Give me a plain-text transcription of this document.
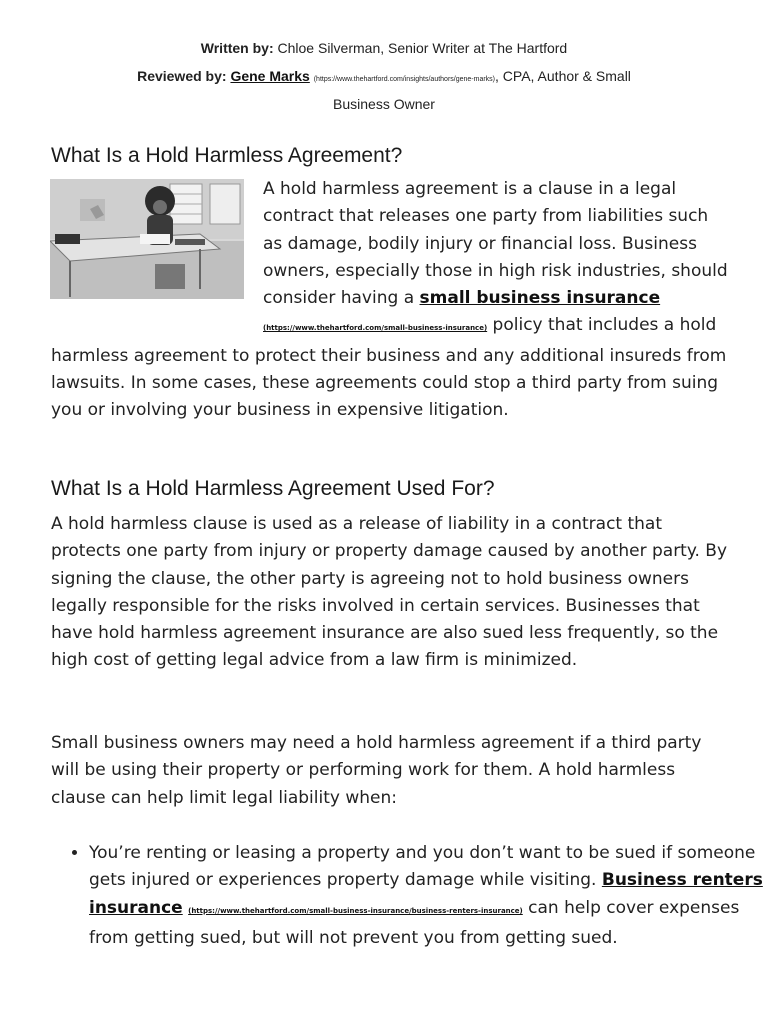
Written by: Chloe Silverman, Senior Writer at The Hartford
Reviewed by: Gene Marks (https://www.thehartford.com/insights/authors/gene-marks), CPA, Author & Small
Business Owner
What Is a Hold Harmless Agreement?

A hold harmless agreement is a clause in a legal contract that releases one party from liabilities such as damage, bodily injury or financial loss. Business owners, especially those in high risk industries, should consider having a small business insurance
(https://www.thehartford.com/small-business-insurance) policy that includes a hold harmless agreement to protect their business and any additional insureds from lawsuits. In some cases, these agreements could stop a third party from suing you or involving your business in expensive litigation.

What Is a Hold Harmless Agreement Used For?

A hold harmless clause is used as a release of liability in a contract that protects one party from injury or property damage caused by another party. By signing the clause, the other party is agreeing not to hold business owners legally responsible for the risks involved in certain services. Businesses that have hold harmless agreement insurance are also sued less frequently, so the high cost of getting legal advice from a law firm is minimized.

Small business owners may need a hold harmless agreement if a third party will be using their property or performing work for them. A hold harmless clause can help limit legal liability when:

• You’re renting or leasing a property and you don’t want to be sued if someone gets injured or experiences property damage while visiting. Business renters insurance (https://www.thehartford.com/small-business-insurance/business-renters-insurance) can help cover expenses from getting sued, but will not prevent you from getting sued.
